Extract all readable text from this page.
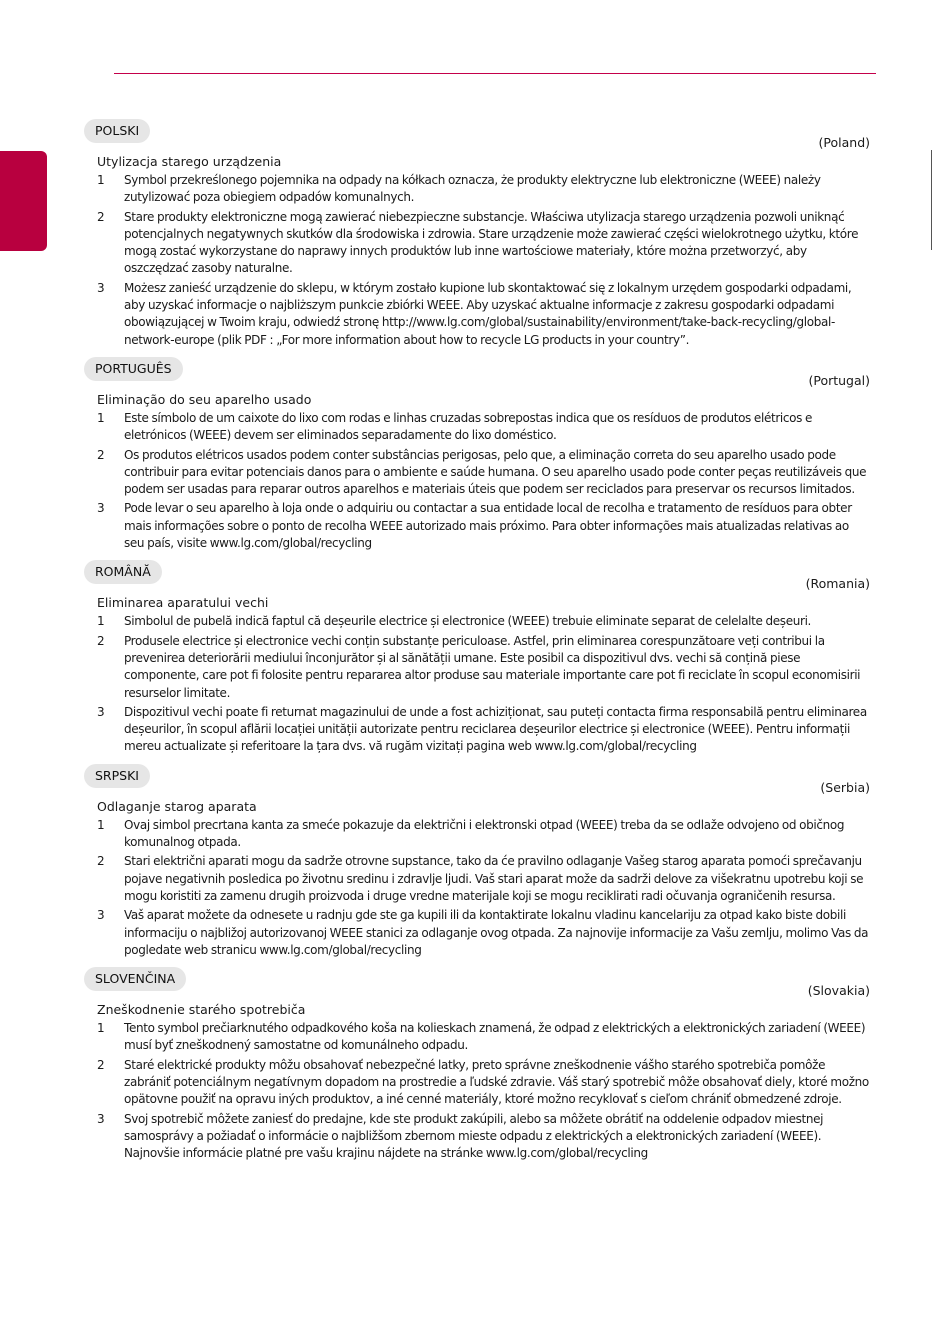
POLSKI
(Poland)
Utylizacja starego urządzenia
1 Symbol przekreślonego pojemnika na odpady na kółkach oznacza, że produkty elektryczne lub elektroniczne (WEEE) należy zutylizować poza obiegiem odpadów komunalnych.
2 Stare produkty elektroniczne mogą zawierać niebezpieczne substancje. Właściwa utylizacja starego urządzenia pozwoli uniknąć potencjalnych negatywnych skutków dla środowiska i zdrowia. Stare urządzenie może zawierać części wielokrotnego użytku, które mogą zostać wykorzystane do naprawy innych produktów lub inne wartościowe materiały, które można przetworzyć, aby oszczędzać zasoby naturalne.
3 Możesz zanieść urządzenie do sklepu, w którym zostało kupione lub skontaktować się z lokalnym urzędem gospodarki odpadami, aby uzyskać informacje o najbliższym punkcie zbiórki WEEE. Aby uzyskać aktualne informacje z zakresu gospodarki odpadami obowiązującej w Twoim kraju, odwiedź stronę http://www.lg.com/global/sustainability/environment/take-back-recycling/global-network-europe (plik PDF : „For more information about how to recycle LG products in your country”.
PORTUGUÊS
(Portugal)
Eliminação do seu aparelho usado
1 Este símbolo de um caixote do lixo com rodas e linhas cruzadas sobrepostas indica que os resíduos de produtos elétricos e eletrónicos (WEEE) devem ser eliminados separadamente do lixo doméstico.
2 Os produtos elétricos usados podem conter substâncias perigosas, pelo que, a eliminação correta do seu aparelho usado pode contribuir para evitar potenciais danos para o ambiente e saúde humana. O seu aparelho usado pode conter peças reutilizáveis que podem ser usadas para reparar outros aparelhos e materiais úteis que podem ser reciclados para preservar os recursos limitados.
3 Pode levar o seu aparelho à loja onde o adquiriu ou contactar a sua entidade local de recolha e tratamento de resíduos para obter mais informações sobre o ponto de recolha WEEE autorizado mais próximo. Para obter informações mais atualizadas relativas ao seu país, visite www.lg.com/global/recycling
ROMÂNĂ
(Romania)
Eliminarea aparatului vechi
1 Simbolul de pubelă indică faptul că deșeurile electrice și electronice (WEEE) trebuie eliminate separat de celelalte deșeuri.
2 Produsele electrice și electronice vechi conțin substanțe periculoase. Astfel, prin eliminarea corespunzătoare veți contribui la prevenirea deteriorării mediului înconjurător și al sănătății umane. Este posibil ca dispozitivul dvs. vechi să conțină piese componente, care pot fi folosite pentru repararea altor produse sau materiale importante care pot fi reciclate în scopul economisirii resurselor limitate.
3 Dispozitivul vechi poate fi returnat magazinului de unde a fost achiziționat, sau puteți contacta firma responsabilă pentru eliminarea deșeurilor, în scopul aflării locației unității autorizate pentru reciclarea deșeurilor electrice și electronice (WEEE). Pentru informații mereu actualizate și referitoare la țara dvs. vă rugăm vizitați pagina web www.lg.com/global/recycling
SRPSKI
(Serbia)
Odlaganje starog aparata
1 Ovaj simbol precrtana kanta za smeće pokazuje da električni i elektronski otpad (WEEE) treba da se odlaže odvojeno od običnog komunalnog otpada.
2 Stari električni aparati mogu da sadrže otrovne supstance, tako da će pravilno odlaganje Vašeg starog aparata pomoći sprečavanju pojave negativnih posledica po životnu sredinu i zdravlje ljudi. Vaš stari aparat može da sadrži delove za višekratnu upotrebu koji se mogu koristiti za zamenu drugih proizvoda i druge vredne materijale koji se mogu reciklirati radi očuvanja ograničenih resursa.
3 Vaš aparat možete da odnesete u radnju gde ste ga kupili ili da kontaktirate lokalnu vladinu kancelariju za otpad kako biste dobili informaciju o najbližoj autorizovanoj WEEE stanici za odlaganje ovog otpada. Za najnovije informacije za Vašu zemlju, molimo Vas da pogledate web stranicu www.lg.com/global/recycling
SLOVENČINA
(Slovakia)
Zneškodnenie starého spotrebiča
1 Tento symbol prečiarknutého odpadkového koša na kolieskach znamená, že odpad z elektrických a elektronických zariadení (WEEE) musí byť zneškodnený samostatne od komunálneho odpadu.
2 Staré elektrické produkty môžu obsahovať nebezpečné latky, preto správne zneškodnenie vášho starého spotrebiča pomôže zabrániť potenciálnym negatívnym dopadom na prostredie a ľudské zdravie. Váš starý spotrebič môže obsahovať diely, ktoré možno opätovne použiť na opravu iných produktov, a iné cenné materiály, ktoré možno recyklovať s cieľom chrániť obmedzené zdroje.
3 Svoj spotrebič môžete zaniesť do predajne, kde ste produkt zakúpili, alebo sa môžete obrátiť na oddelenie odpadov miestnej samosprávy a požiadať o informácie o najbližšom zbernom mieste odpadu z elektrických a elektronických zariadení (WEEE). Najnovšie informácie platné pre vašu krajinu nájdete na stránke www.lg.com/global/recycling
